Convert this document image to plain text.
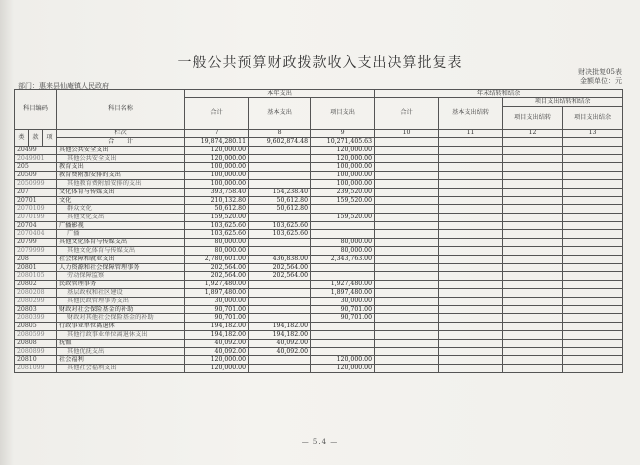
一般公共预算财政拨款收入支出决算批复表
财决批复05表
金额单位：元
部门：惠来县仙庵镇人民政府
科目编码			科目名称	本年支出			年末结转和结余			
				合计	基本支出	项目支出	合计	基本支出结转	项目支出结转和结余	
									项目支出结转	项目支出结余
类	款	项	栏次	7	8	9	10	11	12	13
			合　　计	19,874,280.11	9,602,874.48	10,271,405.63				
20499			其他公共安全支出	120,000.00		120,000.00				
2049901			其他公共安全支出	120,000.00		120,000.00				
205			教育支出	100,000.00		100,000.00				
20509			教育费附加安排的支出	100,000.00		100,000.00				
2050999			其他教育费附加安排的支出	100,000.00		100,000.00				
207			文化体育与传媒支出	393,758.40	154,238.40	239,520.00				
20701			文化	210,132.80	50,612.80	159,520.00				
2070109			群众文化	50,612.80	50,612.80					
2070199			其他文化支出	159,520.00		159,520.00				
20704			广播影视	103,625.60	103,625.60					
2070404			广播	103,625.60	103,625.60					
20799			其他文化体育与传媒支出	80,000.00		80,000.00				
2079999			其他文化体育与传媒支出	80,000.00		80,000.00				
208			社会保障和就业支出	2,780,601.00	436,838.00	2,343,763.00				
20801			人力资源和社会保障管理事务	202,564.00	202,564.00					
2080105			劳动保障监察	202,564.00	202,564.00					
20802			民政管理事务	1,927,480.00		1,927,480.00				
2080208			基层政权和社区建设	1,897,480.00		1,897,480.00				
2080299			其他民政管理事务支出	30,000.00		30,000.00				
20803			财政对社会保险基金的补助	90,701.00		90,701.00				
2080399			财政对其他社会保险基金的补助	90,701.00		90,701.00				
20805			行政事业单位离退休	194,182.00	194,182.00					
2080599			其他行政事业单位离退休支出	194,182.00	194,182.00					
20808			抚恤	40,092.00	40,092.00					
2080899			其他优抚支出	40,092.00	40,092.00					
20810			社会福利	120,000.00		120,000.00				
2081099			其他社会福利支出	120,000.00		120,000.00				
— 5.4 —
